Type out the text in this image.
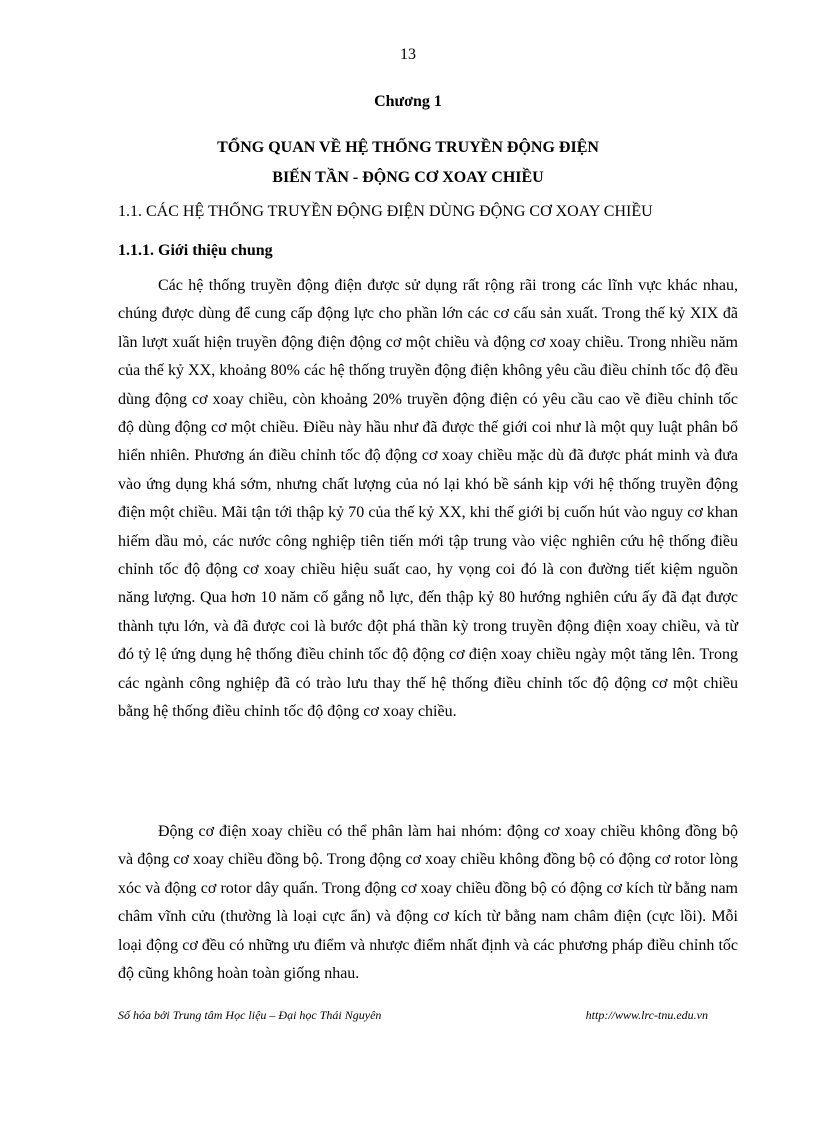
13
Chương 1
TỔNG QUAN VỀ HỆ THỐNG TRUYỀN ĐỘNG ĐIỆN
BIẾN TẦN - ĐỘNG CƠ XOAY CHIỀU
1.1. CÁC HỆ THỐNG TRUYỀN ĐỘNG ĐIỆN DÙNG ĐỘNG CƠ XOAY CHIỀU
1.1.1. Giới thiệu chung

Các hệ thống truyền động điện được sử dụng rất rộng rãi trong các lĩnh vực khác nhau, chúng được dùng để cung cấp động lực cho phần lớn các cơ cấu sản xuất. Trong thế kỷ XIX đã lần lượt xuất hiện truyền động điện động cơ một chiều và động cơ xoay chiều. Trong nhiều năm của thế kỷ XX, khoảng 80% các hệ thống truyền động điện không yêu cầu điều chỉnh tốc độ đều dùng động cơ xoay chiều, còn khoảng 20% truyền động điện có yêu cầu cao về điều chỉnh tốc độ dùng động cơ một chiều. Điều này hầu như đã được thế giới coi như là một quy luật phân bổ hiển nhiên. Phương án điều chỉnh tốc độ động cơ xoay chiều mặc dù đã được phát minh và đưa vào ứng dụng khá sớm, nhưng chất lượng của nó lại khó bề sánh kịp với hệ thống truyền động điện một chiều. Mãi tận tới thập kỷ 70 của thế kỷ XX, khi thế giới bị cuốn hút vào nguy cơ khan hiếm dầu mỏ, các nước công nghiệp tiên tiến mới tập trung vào việc nghiên cứu hệ thống điều chỉnh tốc độ động cơ xoay chiều hiệu suất cao, hy vọng coi đó là con đường tiết kiệm nguồn năng lượng. Qua hơn 10 năm cố gắng nỗ lực, đến thập kỷ 80 hướng nghiên cứu ấy đã đạt được thành tựu lớn, và đã được coi là bước đột phá thần kỳ trong truyền động điện xoay chiều, và từ đó tỷ lệ ứng dụng hệ thống điều chỉnh tốc độ động cơ điện xoay chiều ngày một tăng lên. Trong các ngành công nghiệp đã có trào lưu thay thế hệ thống điều chỉnh tốc độ động cơ một chiều bằng hệ thống điều chỉnh tốc độ động cơ xoay chiều.

Động cơ điện xoay chiều có thể phân làm hai nhóm: động cơ xoay chiều không đồng bộ và động cơ xoay chiều đồng bộ. Trong động cơ xoay chiều không đồng bộ có động cơ rotor lòng xóc và động cơ rotor dây quấn. Trong động cơ xoay chiều đồng bộ có động cơ kích từ bằng nam châm vĩnh cửu (thường là loại cực ẩn) và động cơ kích từ bằng nam châm điện (cực lồi). Mỗi loại động cơ đều có những ưu điểm và nhược điểm nhất định và các phương pháp điều chỉnh tốc độ cũng không hoàn toàn giống nhau.

Số hóa bởi Trung tâm Học liệu – Đại học Thái Nguyên	http://www.lrc-tnu.edu.vn
